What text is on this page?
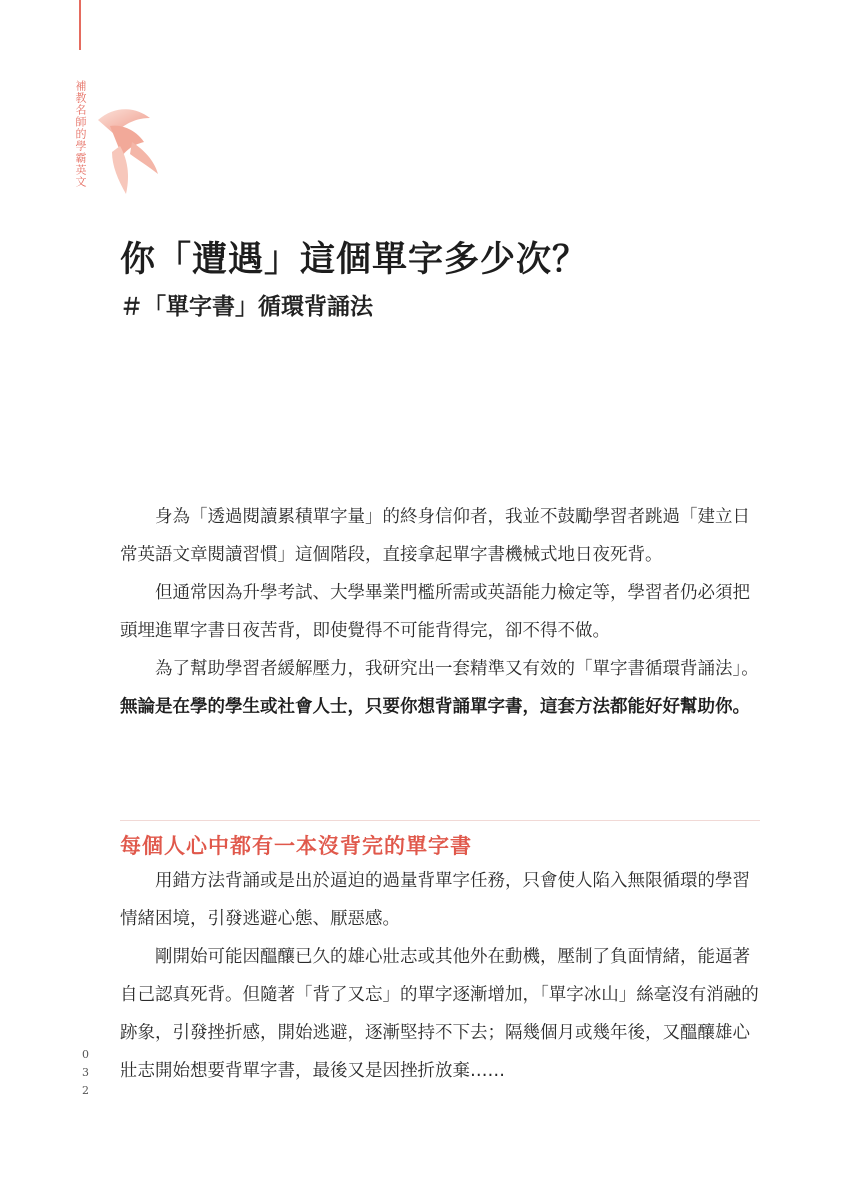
補教名師的學霸英文
032
你「遭遇」這個單字多少次？
＃「單字書」循環背誦法

身為「透過閱讀累積單字量」的終身信仰者，我並不鼓勵學習者跳過「建立日常英語文章閱讀習慣」這個階段，直接拿起單字書機械式地日夜死背。

但通常因為升學考試、大學畢業門檻所需或英語能力檢定等，學習者仍必須把頭埋進單字書日夜苦背，即使覺得不可能背得完，卻不得不做。

為了幫助學習者緩解壓力，我研究出一套精準又有效的「單字書循環背誦法」。無論是在學的學生或社會人士，只要你想背誦單字書，這套方法都能好好幫助你。

每個人心中都有一本沒背完的單字書

用錯方法背誦或是出於逼迫的過量背單字任務，只會使人陷入無限循環的學習情緒困境，引發逃避心態、厭惡感。

剛開始可能因醞釀已久的雄心壯志或其他外在動機，壓制了負面情緒，能逼著自己認真死背。但隨著「背了又忘」的單字逐漸增加，「單字冰山」絲毫沒有消融的跡象，引發挫折感，開始逃避，逐漸堅持不下去；隔幾個月或幾年後，又醞釀雄心壯志開始想要背單字書，最後又是因挫折放棄……
